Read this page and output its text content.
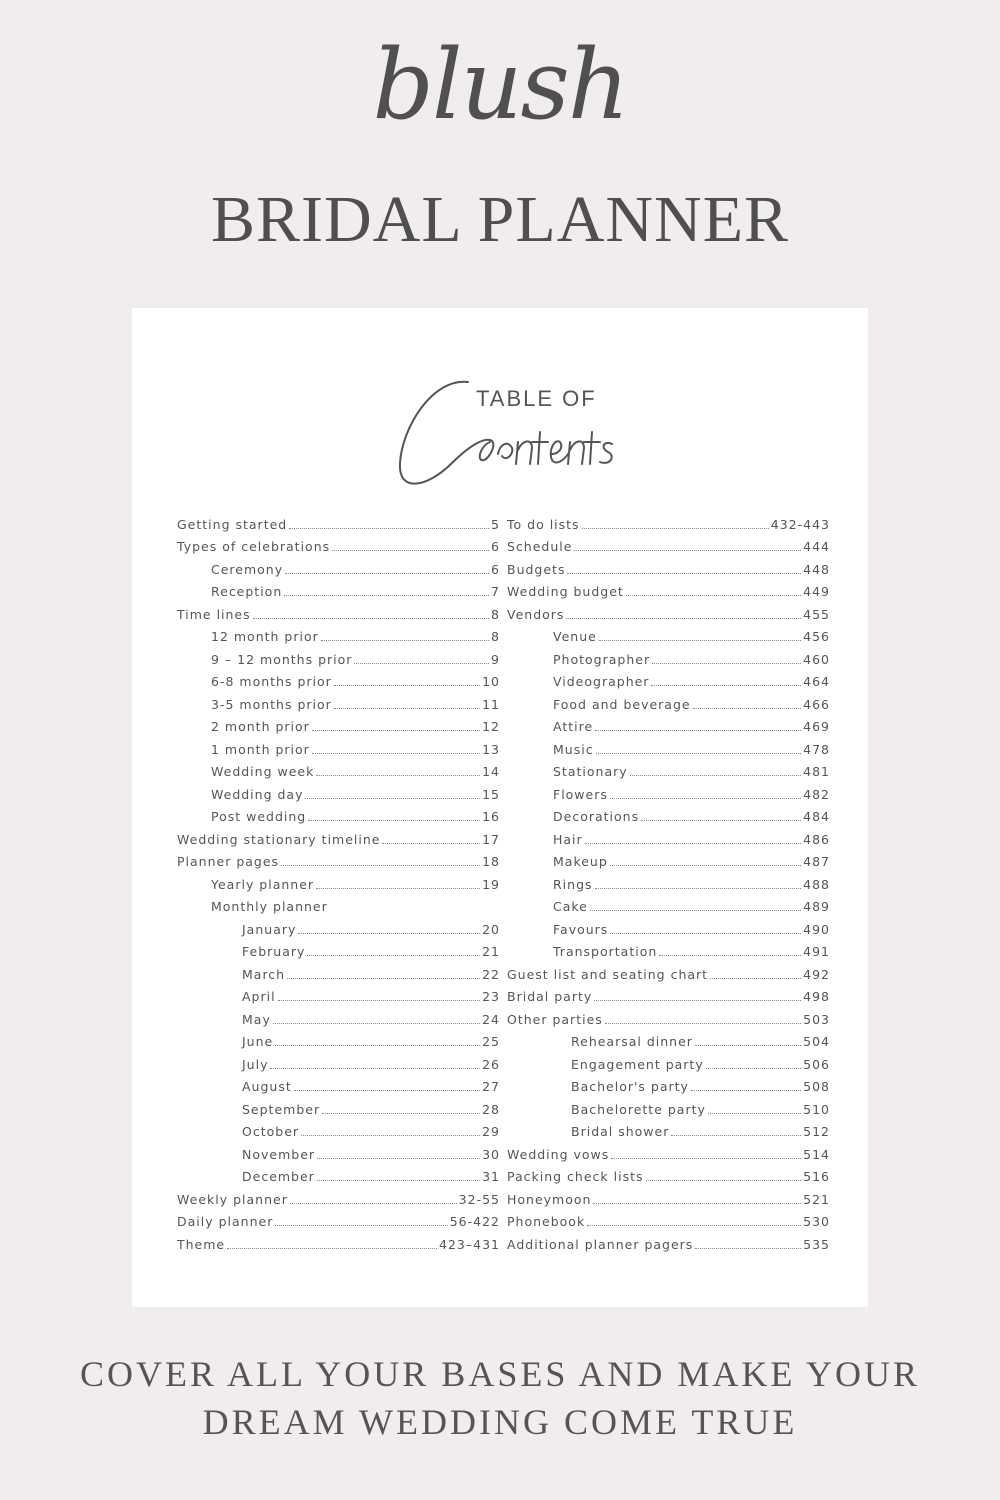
blush
BRIDAL PLANNER
TABLE OF
Contents
Getting started	5
Types of celebrations	6
Ceremony	6
Reception	7
Time lines	8
12 month prior	8
9 – 12 months prior	9
6-8 months prior	10
3-5 months prior	11
2 month prior	12
1 month prior	13
Wedding week	14
Wedding day	15
Post wedding	16
Wedding stationary timeline	17
Planner pages	18
Yearly planner	19
Monthly planner
January	20
February	21
March	22
April	23
May	24
June	25
July	26
August	27
September	28
October	29
November	30
December	31
Weekly planner	32-55
Daily planner	56-422
Theme	423–431
To do lists	432-443
Schedule	444
Budgets	448
Wedding budget	449
Vendors	455
Venue	456
Photographer	460
Videographer	464
Food and beverage	466
Attire	469
Music	478
Stationary	481
Flowers	482
Decorations	484
Hair	486
Makeup	487
Rings	488
Cake	489
Favours	490
Transportation	491
Guest list and seating chart	492
Bridal party	498
Other parties	503
Rehearsal dinner	504
Engagement party	506
Bachelor's party	508
Bachelorette party	510
Bridal shower	512
Wedding vows	514
Packing check lists	516
Honeymoon	521
Phonebook	530
Additional planner pagers	535
COVER ALL YOUR BASES AND MAKE YOUR
DREAM WEDDING COME TRUE
